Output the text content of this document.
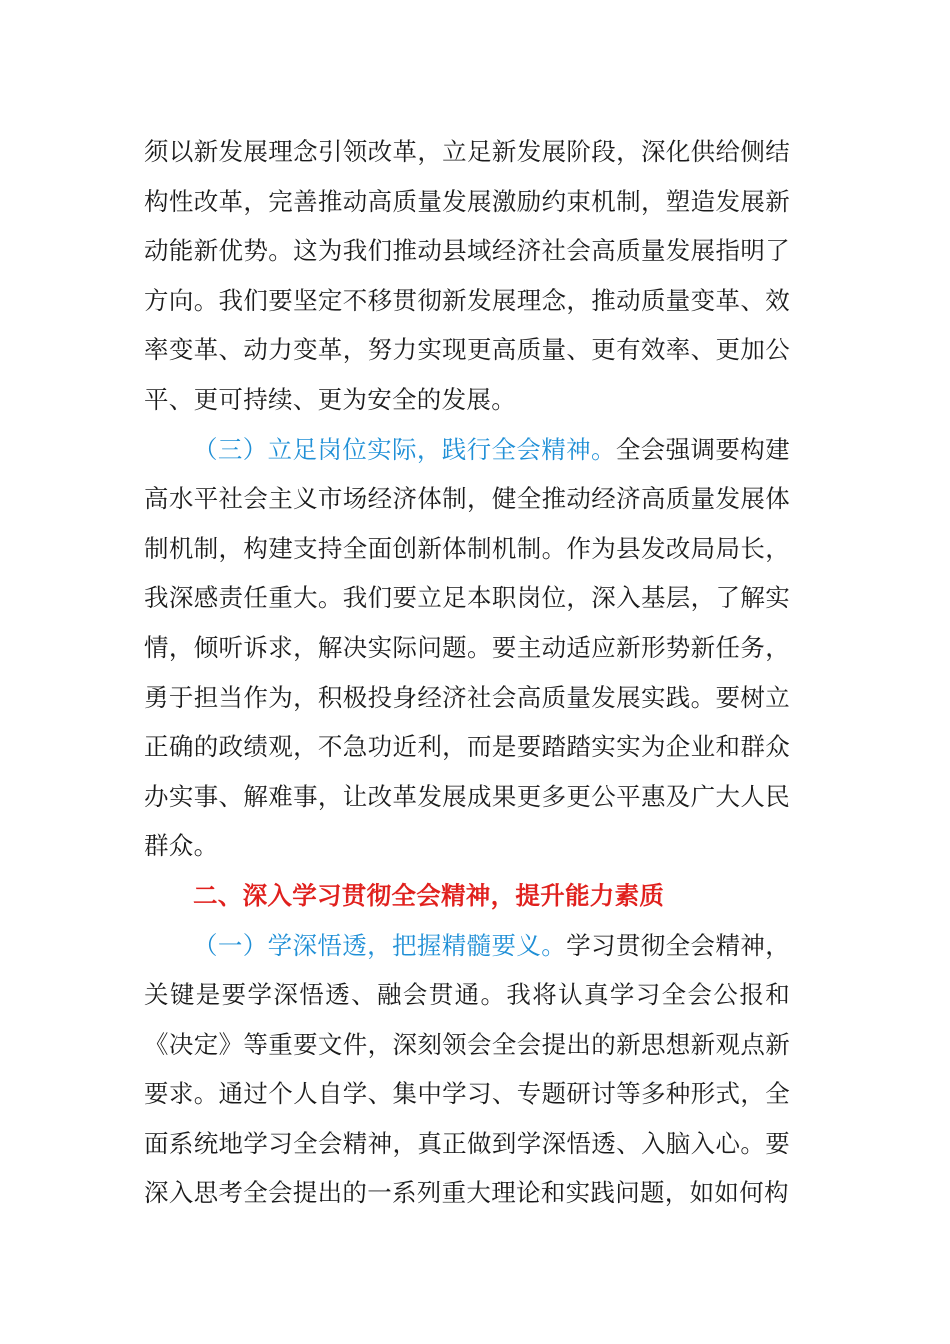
须以新发展理念引领改革，立足新发展阶段，深化供给侧结构性改革，完善推动高质量发展激励约束机制，塑造发展新动能新优势。这为我们推动县域经济社会高质量发展指明了方向。我们要坚定不移贯彻新发展理念，推动质量变革、效率变革、动力变革，努力实现更高质量、更有效率、更加公平、更可持续、更为安全的发展。

（三）立足岗位实际，践行全会精神。全会强调要构建高水平社会主义市场经济体制，健全推动经济高质量发展体制机制，构建支持全面创新体制机制。作为县发改局局长，我深感责任重大。我们要立足本职岗位，深入基层，了解实情，倾听诉求，解决实际问题。要主动适应新形势新任务，勇于担当作为，积极投身经济社会高质量发展实践。要树立正确的政绩观，不急功近利，而是要踏踏实实为企业和群众办实事、解难事，让改革发展成果更多更公平惠及广大人民群众。

二、深入学习贯彻全会精神，提升能力素质

（一）学深悟透，把握精髓要义。学习贯彻全会精神，关键是要学深悟透、融会贯通。我将认真学习全会公报和《决定》等重要文件，深刻领会全会提出的新思想新观点新要求。通过个人自学、集中学习、专题研讨等多种形式，全面系统地学习全会精神，真正做到学深悟透、入脑入心。要深入思考全会提出的一系列重大理论和实践问题，如如何构
